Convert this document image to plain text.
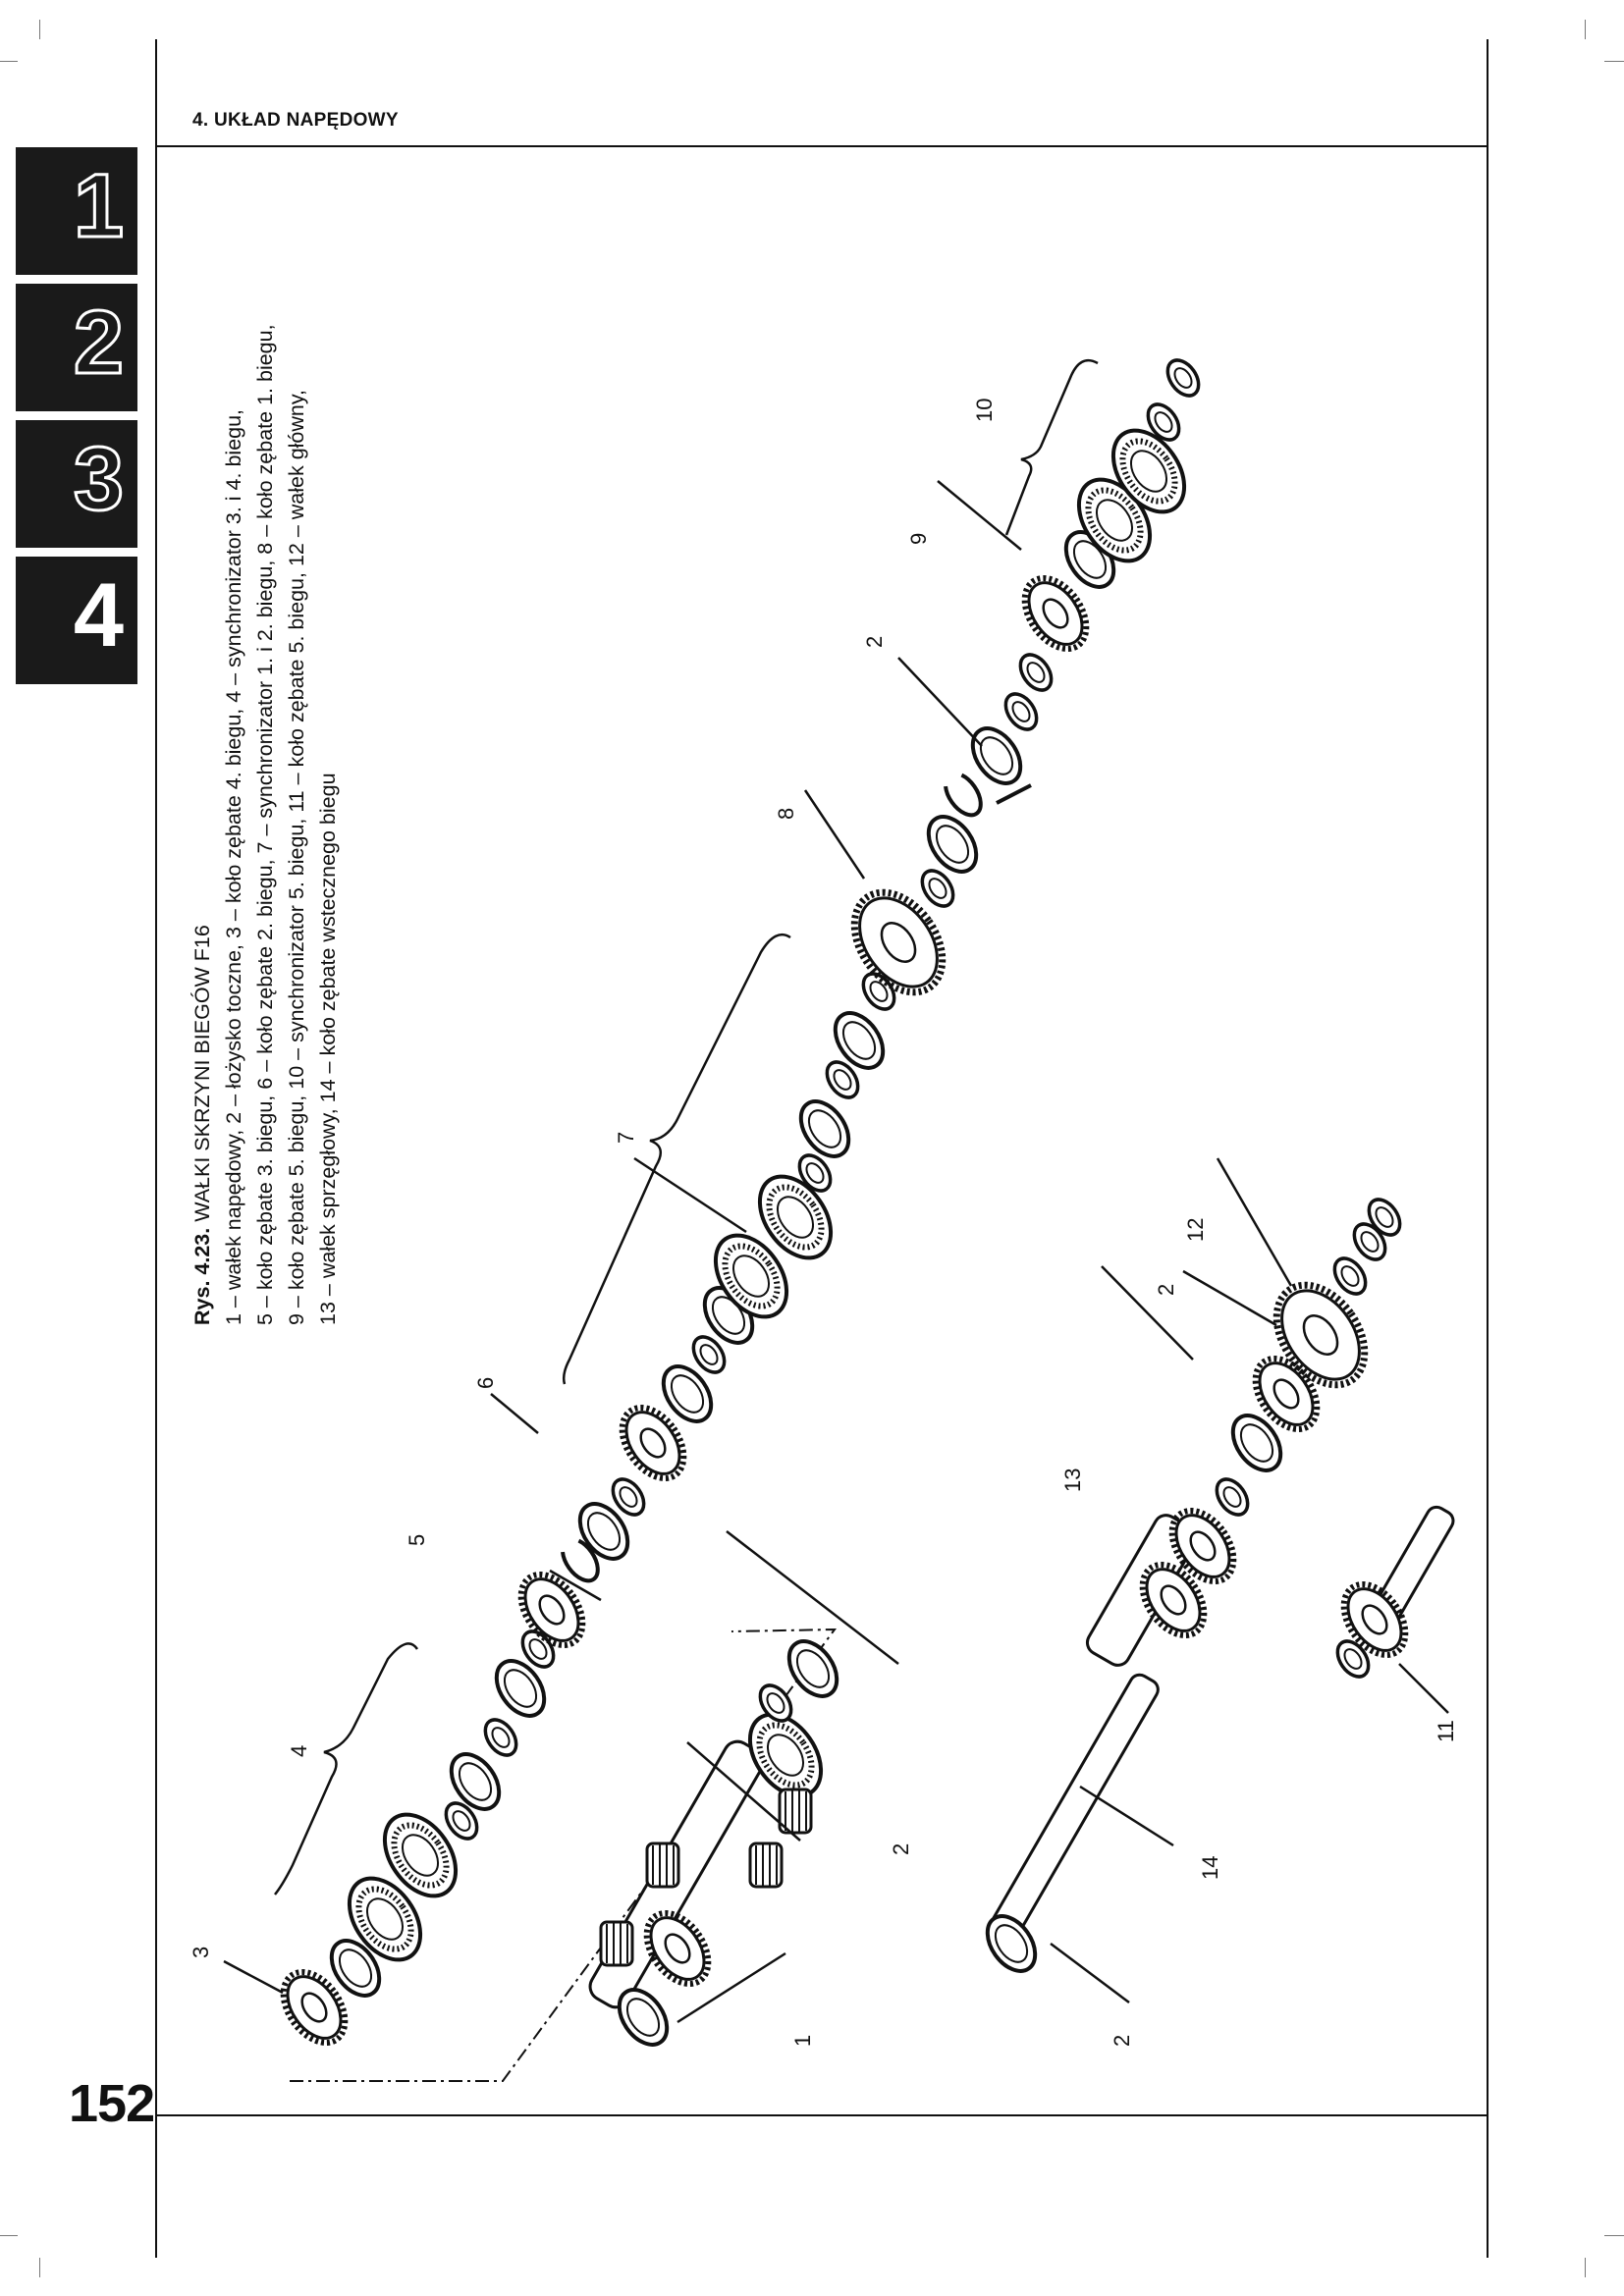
4. UKŁAD NAPĘDOWY
1
2
3
4
152
Rys. 4.23. WAŁKI SKRZYNI BIEGÓW F16 1 – wałek napędowy, 2 – łożysko toczne, 3 – koło zębate 4. biegu, 4 – synchronizator 3. i 4. biegu, 5 – koło zębate 3. biegu, 6 – koło zębate 2. biegu, 7 – synchronizator 1. i 2. biegu, 8 – koło zębate 1. biegu, 9 – koło zębate 5. biegu, 10 – synchronizator 5. biegu, 11 – koło zębate 5. biegu, 12 – wałek główny, 13 – wałek sprzęgłowy, 14 – koło zębate wstecznego biegu
3
4
5
6
7
8
2
9
10
1
2
13
2
12
2
14
11
